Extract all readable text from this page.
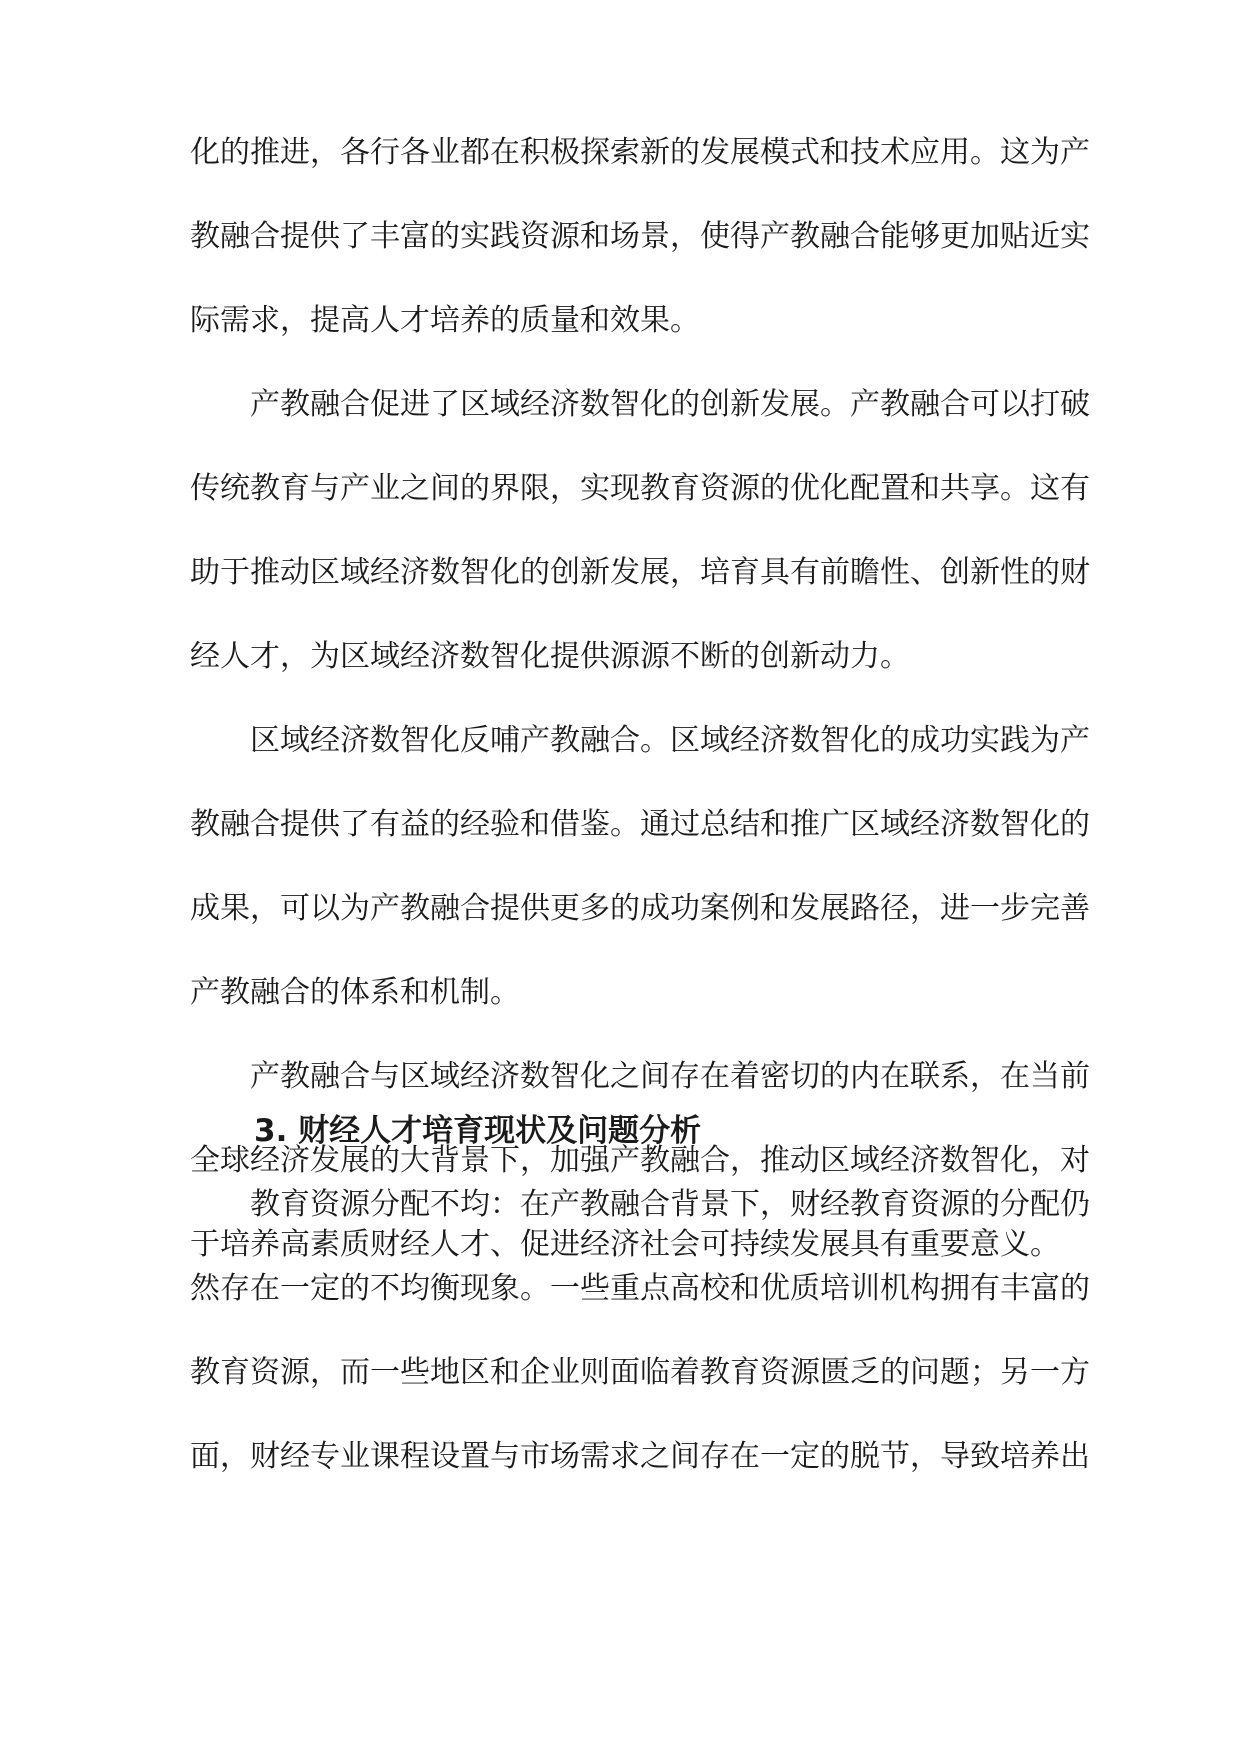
化的推进，各行各业都在积极探索新的发展模式和技术应用。这为产
教融合提供了丰富的实践资源和场景，使得产教融合能够更加贴近实
际需求，提高人才培养的质量和效果。
产教融合促进了区域经济数智化的创新发展。产教融合可以打破
传统教育与产业之间的界限，实现教育资源的优化配置和共享。这有
助于推动区域经济数智化的创新发展，培育具有前瞻性、创新性的财
经人才，为区域经济数智化提供源源不断的创新动力。
区域经济数智化反哺产教融合。区域经济数智化的成功实践为产
教融合提供了有益的经验和借鉴。通过总结和推广区域经济数智化的
成果，可以为产教融合提供更多的成功案例和发展路径，进一步完善
产教融合的体系和机制。
产教融合与区域经济数智化之间存在着密切的内在联系，在当前
全球经济发展的大背景下，加强产教融合，推动区域经济数智化，对
3. 财经人才培育现状及问题分析
教育资源分配不均：在产教融合背景下，财经教育资源的分配仍
然存在一定的不均衡现象。一些重点高校和优质培训机构拥有丰富的
教育资源，而一些地区和企业则面临着教育资源匮乏的问题；另一方
面，财经专业课程设置与市场需求之间存在一定的脱节，导致培养出
于培养高素质财经人才、促进经济社会可持续发展具有重要意义。
